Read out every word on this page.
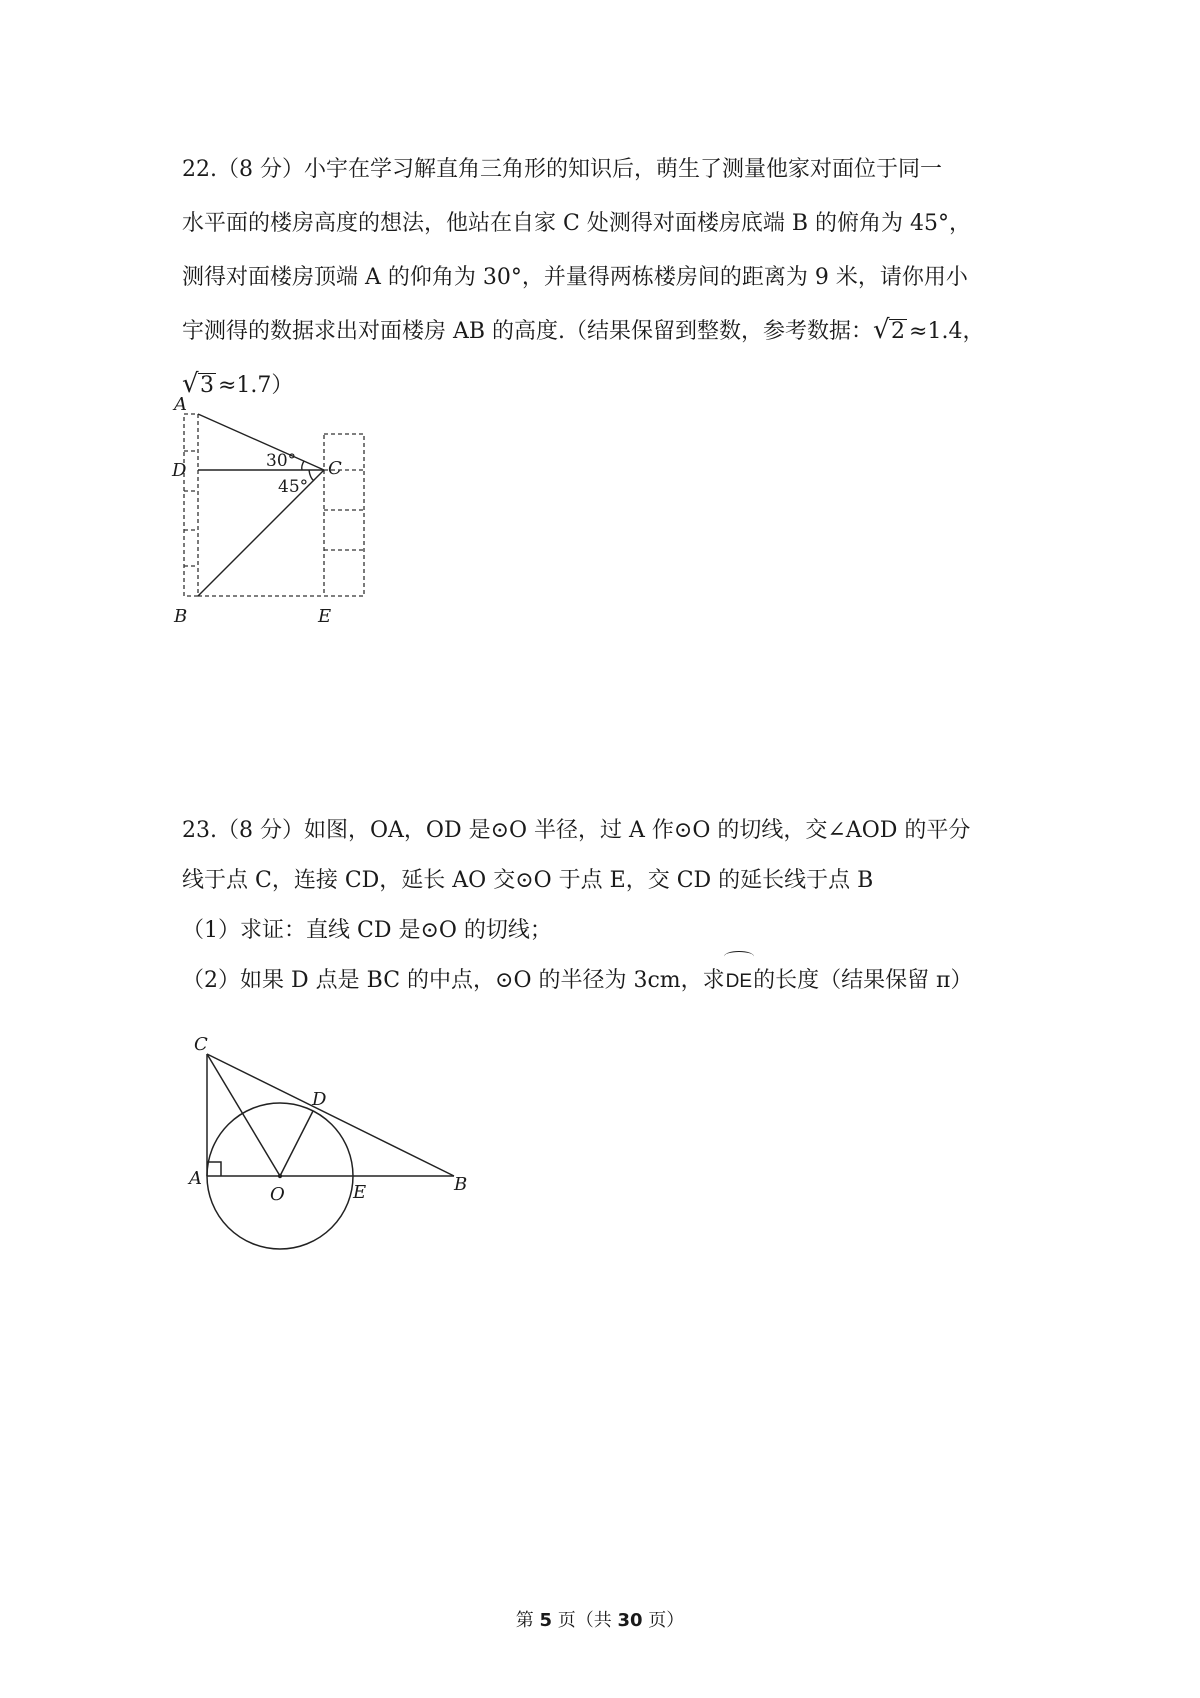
22.（8 分）小宇在学习解直角三角形的知识后，萌生了测量他家对面位于同一
水平面的楼房高度的想法，他站在自家 C 处测得对面楼房底端 B 的俯角为 45°，
测得对面楼房顶端 A 的仰角为 30°，并量得两栋楼房间的距离为 9 米，请你用小
宇测得的数据求出对面楼房 AB 的高度.（结果保留到整数，参考数据： √ 2 ≈1.4，
√ 3 ≈1.7）
A
D	C
B	E
30°
45°
23.（8 分）如图，OA，OD 是⊙O 半径，过 A 作⊙O 的切线，交∠AOD 的平分
线于点 C，连接 CD，延长 AO 交⊙O 于点 E，交 CD 的延长线于点 B
（1）求证：直线 CD 是⊙O 的切线；
（2）如果 D 点是 BC 的中点，⊙O 的半径为 3cm，求DE的长度（结果保留 π）
C
D
A
O	E	B
第 5 页（共 30 页）
